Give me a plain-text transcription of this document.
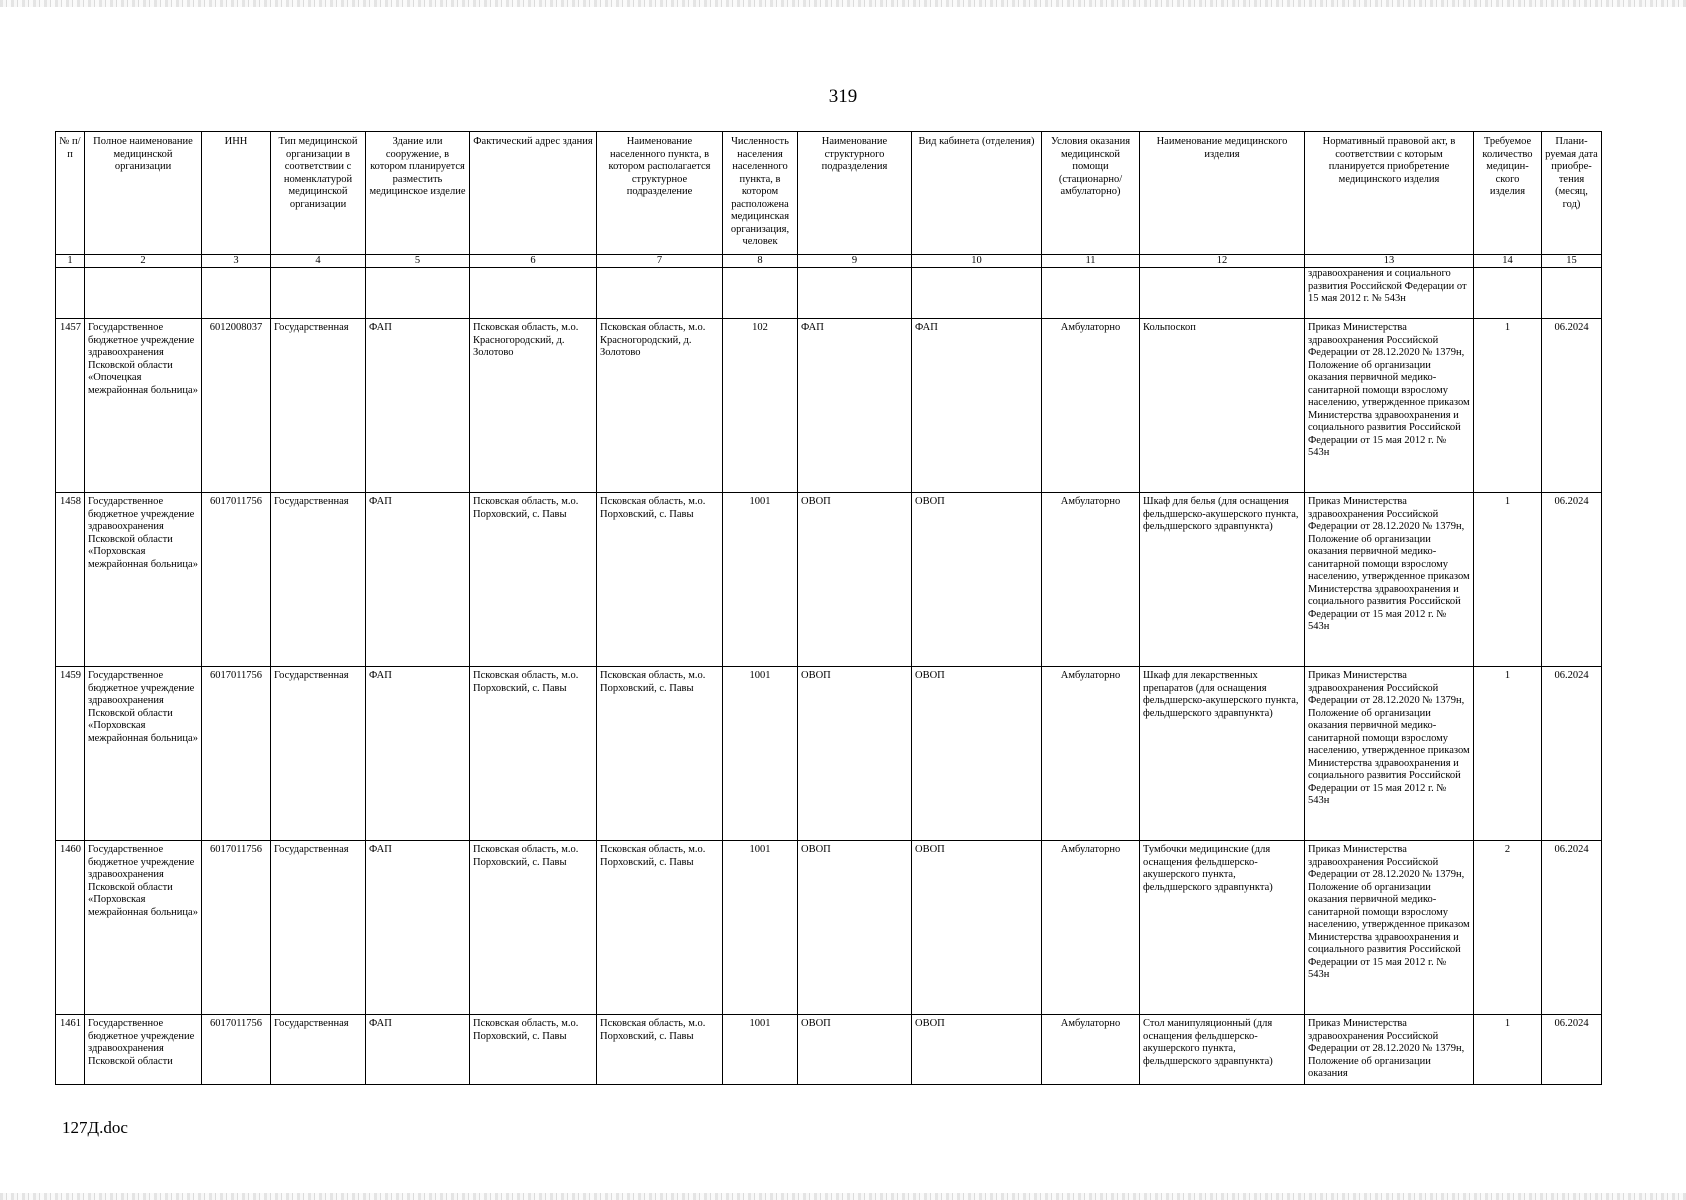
319
№ п/п	Полное наименование медицинской организации	ИНН	Тип медицинской организации в соответствии с номенклатурой медицинской организации	Здание или сооружение, в котором планируется разместить медицинское изделие	Фактический адрес здания	Наименование населенного пункта, в котором располагается структурное подразделение	Численность населения населенного пункта, в котором расположена медицинская организация, человек	Наименование структурного подразделения	Вид кабинета (отделения)	Условия оказания медицинской помощи (стационарно/ амбулаторно)	Наименование медицинского изделия	Нормативный правовой акт, в соответствии с которым планируется приобретение медицинского изделия	Требуемое количество медицин-ского изделия	Плани-руемая дата приобре-тения (месяц, год)
1	2	3	4	5	6	7	8	9	10	11	12	13	14	15
												здравоохранения и социального развития Российской Федерации от 15 мая 2012 г. № 543н		
1457	Государственное бюджетное учреждение здравоохранения Псковской области «Опочецкая межрайонная больница»	6012008037	Государственная	ФАП	Псковская область, м.о. Красногородский, д. Золотово	Псковская область, м.о. Красногородский, д. Золотово	102	ФАП	ФАП	Амбулаторно	Кольпоскоп	Приказ Министерства здравоохранения Российской Федерации от 28.12.2020 № 1379н, Положение об организации оказания первичной медико-санитарной помощи взрослому населению, утвержденное приказом Министерства здравоохранения и социального развития Российской Федерации от 15 мая 2012 г. № 543н	1	06.2024
1458	Государственное бюджетное учреждение здравоохранения Псковской области «Порховская межрайонная больница»	6017011756	Государственная	ФАП	Псковская область, м.о. Порховский, с. Павы	Псковская область, м.о. Порховский, с. Павы	1001	ОВОП	ОВОП	Амбулаторно	Шкаф для белья (для оснащения фельдшерско-акушерского пункта, фельдшерского здравпункта)	Приказ Министерства здравоохранения Российской Федерации от 28.12.2020 № 1379н, Положение об организации оказания первичной медико-санитарной помощи взрослому населению, утвержденное приказом Министерства здравоохранения и социального развития Российской Федерации от 15 мая 2012 г. № 543н	1	06.2024
1459	Государственное бюджетное учреждение здравоохранения Псковской области «Порховская межрайонная больница»	6017011756	Государственная	ФАП	Псковская область, м.о. Порховский, с. Павы	Псковская область, м.о. Порховский, с. Павы	1001	ОВОП	ОВОП	Амбулаторно	Шкаф для лекарственных препаратов (для оснащения фельдшерско-акушерского пункта, фельдшерского здравпункта)	Приказ Министерства здравоохранения Российской Федерации от 28.12.2020 № 1379н, Положение об организации оказания первичной медико-санитарной помощи взрослому населению, утвержденное приказом Министерства здравоохранения и социального развития Российской Федерации от 15 мая 2012 г. № 543н	1	06.2024
1460	Государственное бюджетное учреждение здравоохранения Псковской области «Порховская межрайонная больница»	6017011756	Государственная	ФАП	Псковская область, м.о. Порховский, с. Павы	Псковская область, м.о. Порховский, с. Павы	1001	ОВОП	ОВОП	Амбулаторно	Тумбочки медицинские (для оснащения фельдшерско-акушерского пункта, фельдшерского здравпункта)	Приказ Министерства здравоохранения Российской Федерации от 28.12.2020 № 1379н, Положение об организации оказания первичной медико-санитарной помощи взрослому населению, утвержденное приказом Министерства здравоохранения и социального развития Российской Федерации от 15 мая 2012 г. № 543н	2	06.2024
1461	Государственное бюджетное учреждение здравоохранения Псковской области	6017011756	Государственная	ФАП	Псковская область, м.о. Порховский, с. Павы	Псковская область, м.о. Порховский, с. Павы	1001	ОВОП	ОВОП	Амбулаторно	Стол манипуляционный (для оснащения фельдшерско-акушерского пункта, фельдшерского здравпункта)	Приказ Министерства здравоохранения Российской Федерации от 28.12.2020 № 1379н, Положение об организации оказания	1	06.2024
127Д.doc
